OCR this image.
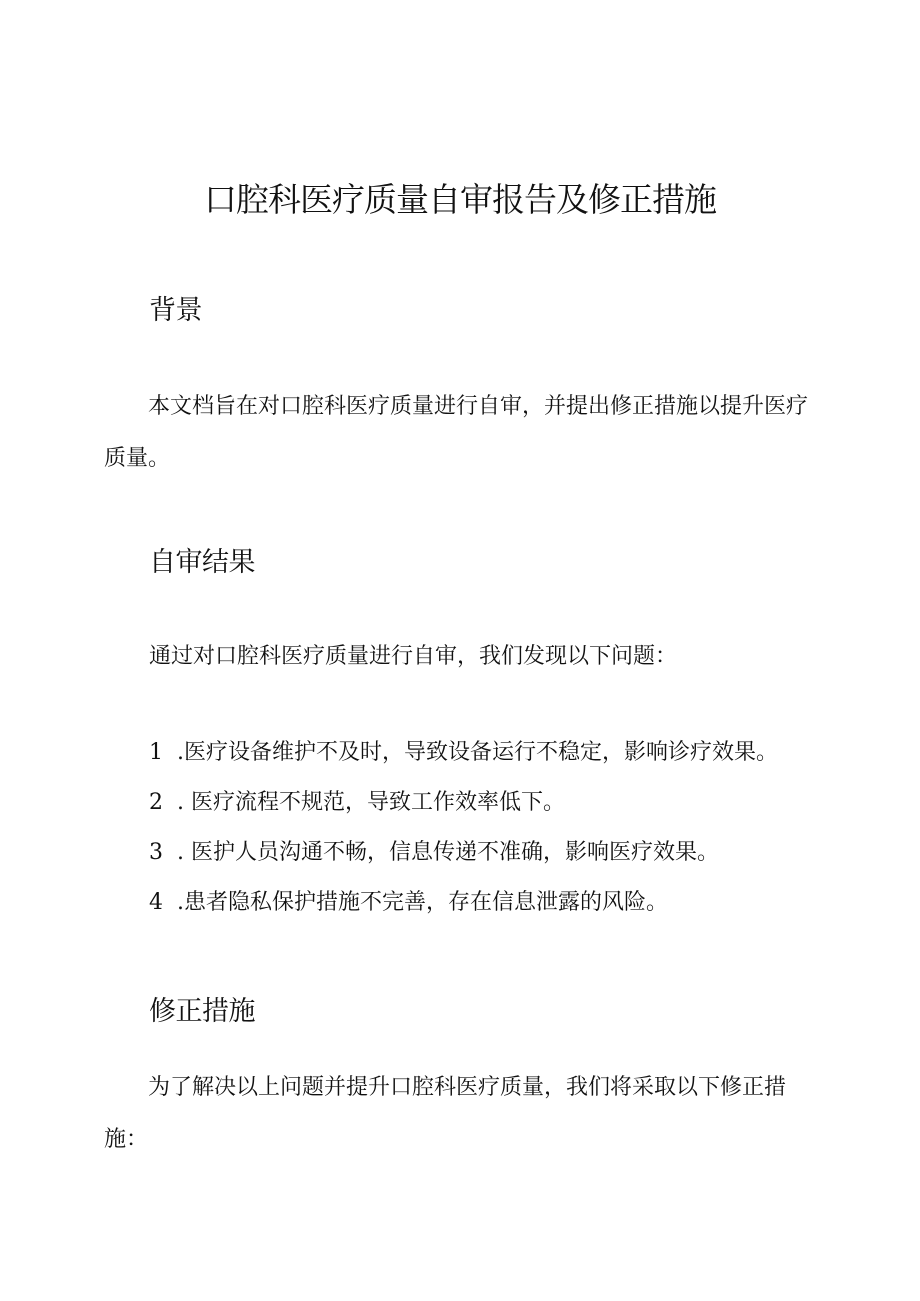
口腔科医疗质量自审报告及修正措施
背景

本文档旨在对口腔科医疗质量进行自审，并提出修正措施以提升医疗质量。

自审结果

通过对口腔科医疗质量进行自审，我们发现以下问题：

1 .医疗设备维护不及时，导致设备运行不稳定，影响诊疗效果。

2 . 医疗流程不规范，导致工作效率低下。

3 . 医护人员沟通不畅，信息传递不准确，影响医疗效果。

4 .患者隐私保护措施不完善，存在信息泄露的风险。

修正措施

为了解决以上问题并提升口腔科医疗质量，我们将采取以下修正措施：
